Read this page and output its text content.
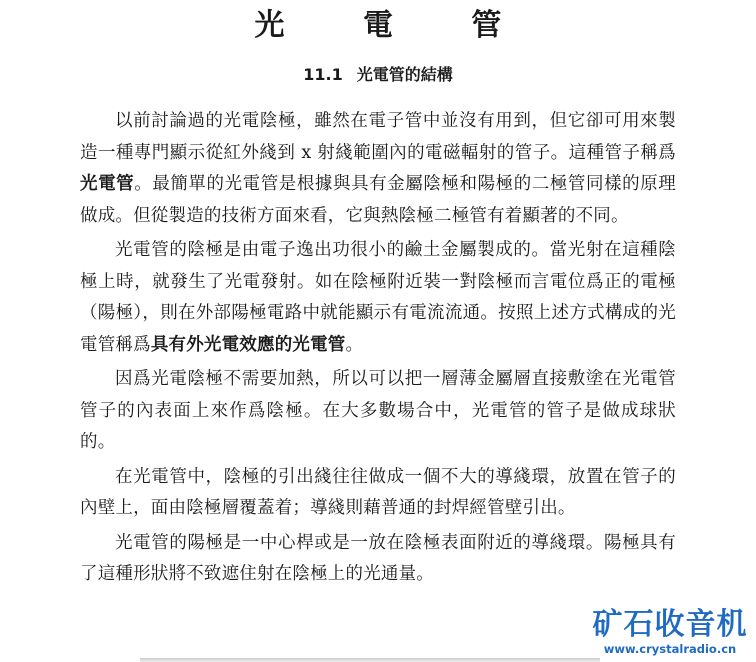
光 電 管
11.1 光電管的結構

以前討論過的光電陰極，雖然在電子管中並沒有用到，但它卻可用來製造一種專門顯示從紅外綫到 x 射綫範圍內的電磁輻射的管子。這種管子稱爲光電管。最簡單的光電管是根據與具有金屬陰極和陽極的二極管同樣的原理做成。但從製造的技術方面來看，它與熱陰極二極管有着顯著的不同。

光電管的陰極是由電子逸出功很小的鹼土金屬製成的。當光射在這種陰極上時，就發生了光電發射。如在陰極附近裝一對陰極而言電位爲正的電極（陽極），則在外部陽極電路中就能顯示有電流流通。按照上述方式構成的光電管稱爲具有外光電效應的光電管。

因爲光電陰極不需要加熱，所以可以把一層薄金屬層直接敷塗在光電管管子的內表面上來作爲陰極。在大多數場合中，光電管的管子是做成球狀的。

在光電管中，陰極的引出綫往往做成一個不大的導綫環，放置在管子的內壁上，面由陰極層覆蓋着；導綫則藉普通的封焊經管壁引出。

光電管的陽極是一中心桿或是一放在陰極表面附近的導綫環。陽極具有了這種形狀將不致遮住射在陰極上的光通量。

矿石收音机
www.crystalradio.cn
